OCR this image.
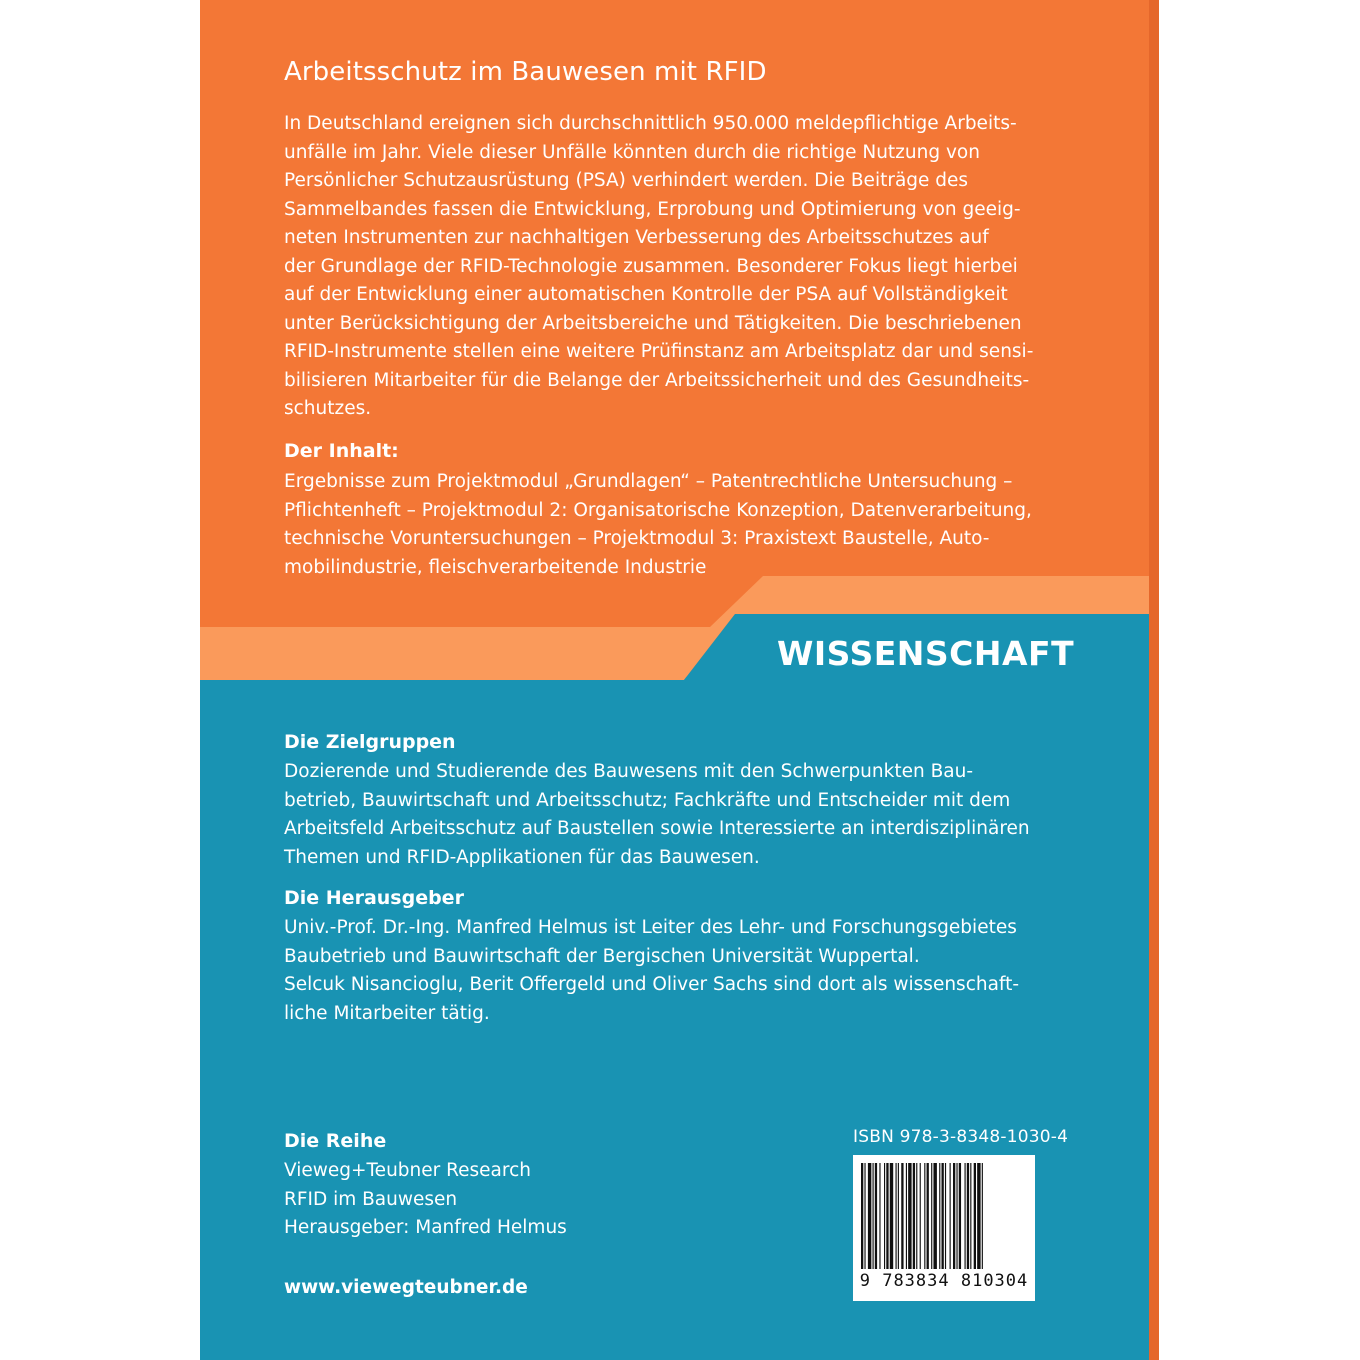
Arbeitsschutz im Bauwesen mit RFID

In Deutschland ereignen sich durchschnittlich 950.000 meldepflichtige Arbeits-
unfälle im Jahr. Viele dieser Unfälle könnten durch die richtige Nutzung von
Persönlicher Schutzausrüstung (PSA) verhindert werden. Die Beiträge des
Sammelbandes fassen die Entwicklung, Erprobung und Optimierung von geeig-
neten Instrumenten zur nachhaltigen Verbesserung des Arbeitsschutzes auf
der Grundlage der RFID-Technologie zusammen. Besonderer Fokus liegt hierbei
auf der Entwicklung einer automatischen Kontrolle der PSA auf Vollständigkeit
unter Berücksichtigung der Arbeitsbereiche und Tätigkeiten. Die beschriebenen
RFID-Instrumente stellen eine weitere Prüfinstanz am Arbeitsplatz dar und sensi-
bilisieren Mitarbeiter für die Belange der Arbeitssicherheit und des Gesundheits-
schutzes.

Der Inhalt:

Ergebnisse zum Projektmodul „Grundlagen“ – Patentrechtliche Untersuchung –
Pflichtenheft – Projektmodul 2: Organisatorische Konzeption, Datenverarbeitung,
technische Voruntersuchungen – Projektmodul 3: Praxistext Baustelle, Auto-
mobilindustrie, fleischverarbeitende Industrie

WISSENSCHAFT
Die Zielgruppen

Dozierende und Studierende des Bauwesens mit den Schwerpunkten Bau-
betrieb, Bauwirtschaft und Arbeitsschutz; Fachkräfte und Entscheider mit dem
Arbeitsfeld Arbeitsschutz auf Baustellen sowie Interessierte an interdisziplinären
Themen und RFID-Applikationen für das Bauwesen.

Die Herausgeber

Univ.-Prof. Dr.-Ing. Manfred Helmus ist Leiter des Lehr- und Forschungsgebietes
Baubetrieb und Bauwirtschaft der Bergischen Universität Wuppertal.
Selcuk Nisancioglu, Berit Offergeld und Oliver Sachs sind dort als wissenschaft-
liche Mitarbeiter tätig.

Die Reihe

Vieweg+Teubner Research
RFID im Bauwesen
Herausgeber: Manfred Helmus

www.viewegteubner.de
ISBN 978-3-8348-1030-4
9 783834 810304
